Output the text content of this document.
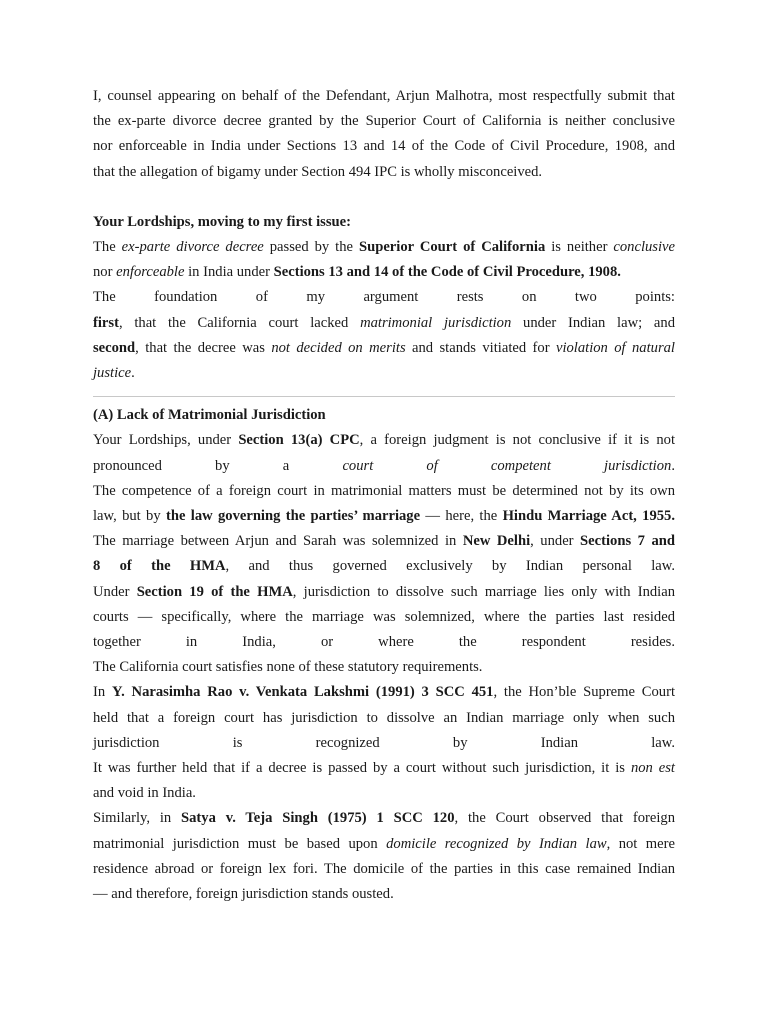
I, counsel appearing on behalf of the Defendant, Arjun Malhotra, most respectfully submit that

the ex-parte divorce decree granted by the Superior Court of California is neither conclusive

nor enforceable in India under Sections 13 and 14 of the Code of Civil Procedure, 1908, and

that the allegation of bigamy under Section 494 IPC is wholly misconceived.

Your Lordships, moving to my first issue:

The ex-parte divorce decree passed by the Superior Court of California is neither conclusive

nor enforceable in India under Sections 13 and 14 of the Code of Civil Procedure, 1908.

The foundation of my argument rests on two points:

first, that the California court lacked matrimonial jurisdiction under Indian law; and

second, that the decree was not decided on merits and stands vitiated for violation of natural

justice.

(A) Lack of Matrimonial Jurisdiction

Your Lordships, under Section 13(a) CPC, a foreign judgment is not conclusive if it is not

pronounced by a court of competent jurisdiction.

The competence of a foreign court in matrimonial matters must be determined not by its own

law, but by the law governing the parties’ marriage — here, the Hindu Marriage Act, 1955.

The marriage between Arjun and Sarah was solemnized in New Delhi, under Sections 7 and

8 of the HMA, and thus governed exclusively by Indian personal law.

Under Section 19 of the HMA, jurisdiction to dissolve such marriage lies only with Indian

courts — specifically, where the marriage was solemnized, where the parties last resided

together in India, or where the respondent resides.

The California court satisfies none of these statutory requirements.

In Y. Narasimha Rao v. Venkata Lakshmi (1991) 3 SCC 451, the Hon’ble Supreme Court

held that a foreign court has jurisdiction to dissolve an Indian marriage only when such

jurisdiction is recognized by Indian law.

It was further held that if a decree is passed by a court without such jurisdiction, it is non est

and void in India.

Similarly, in Satya v. Teja Singh (1975) 1 SCC 120, the Court observed that foreign

matrimonial jurisdiction must be based upon domicile recognized by Indian law, not mere

residence abroad or foreign lex fori. The domicile of the parties in this case remained Indian

— and therefore, foreign jurisdiction stands ousted.
